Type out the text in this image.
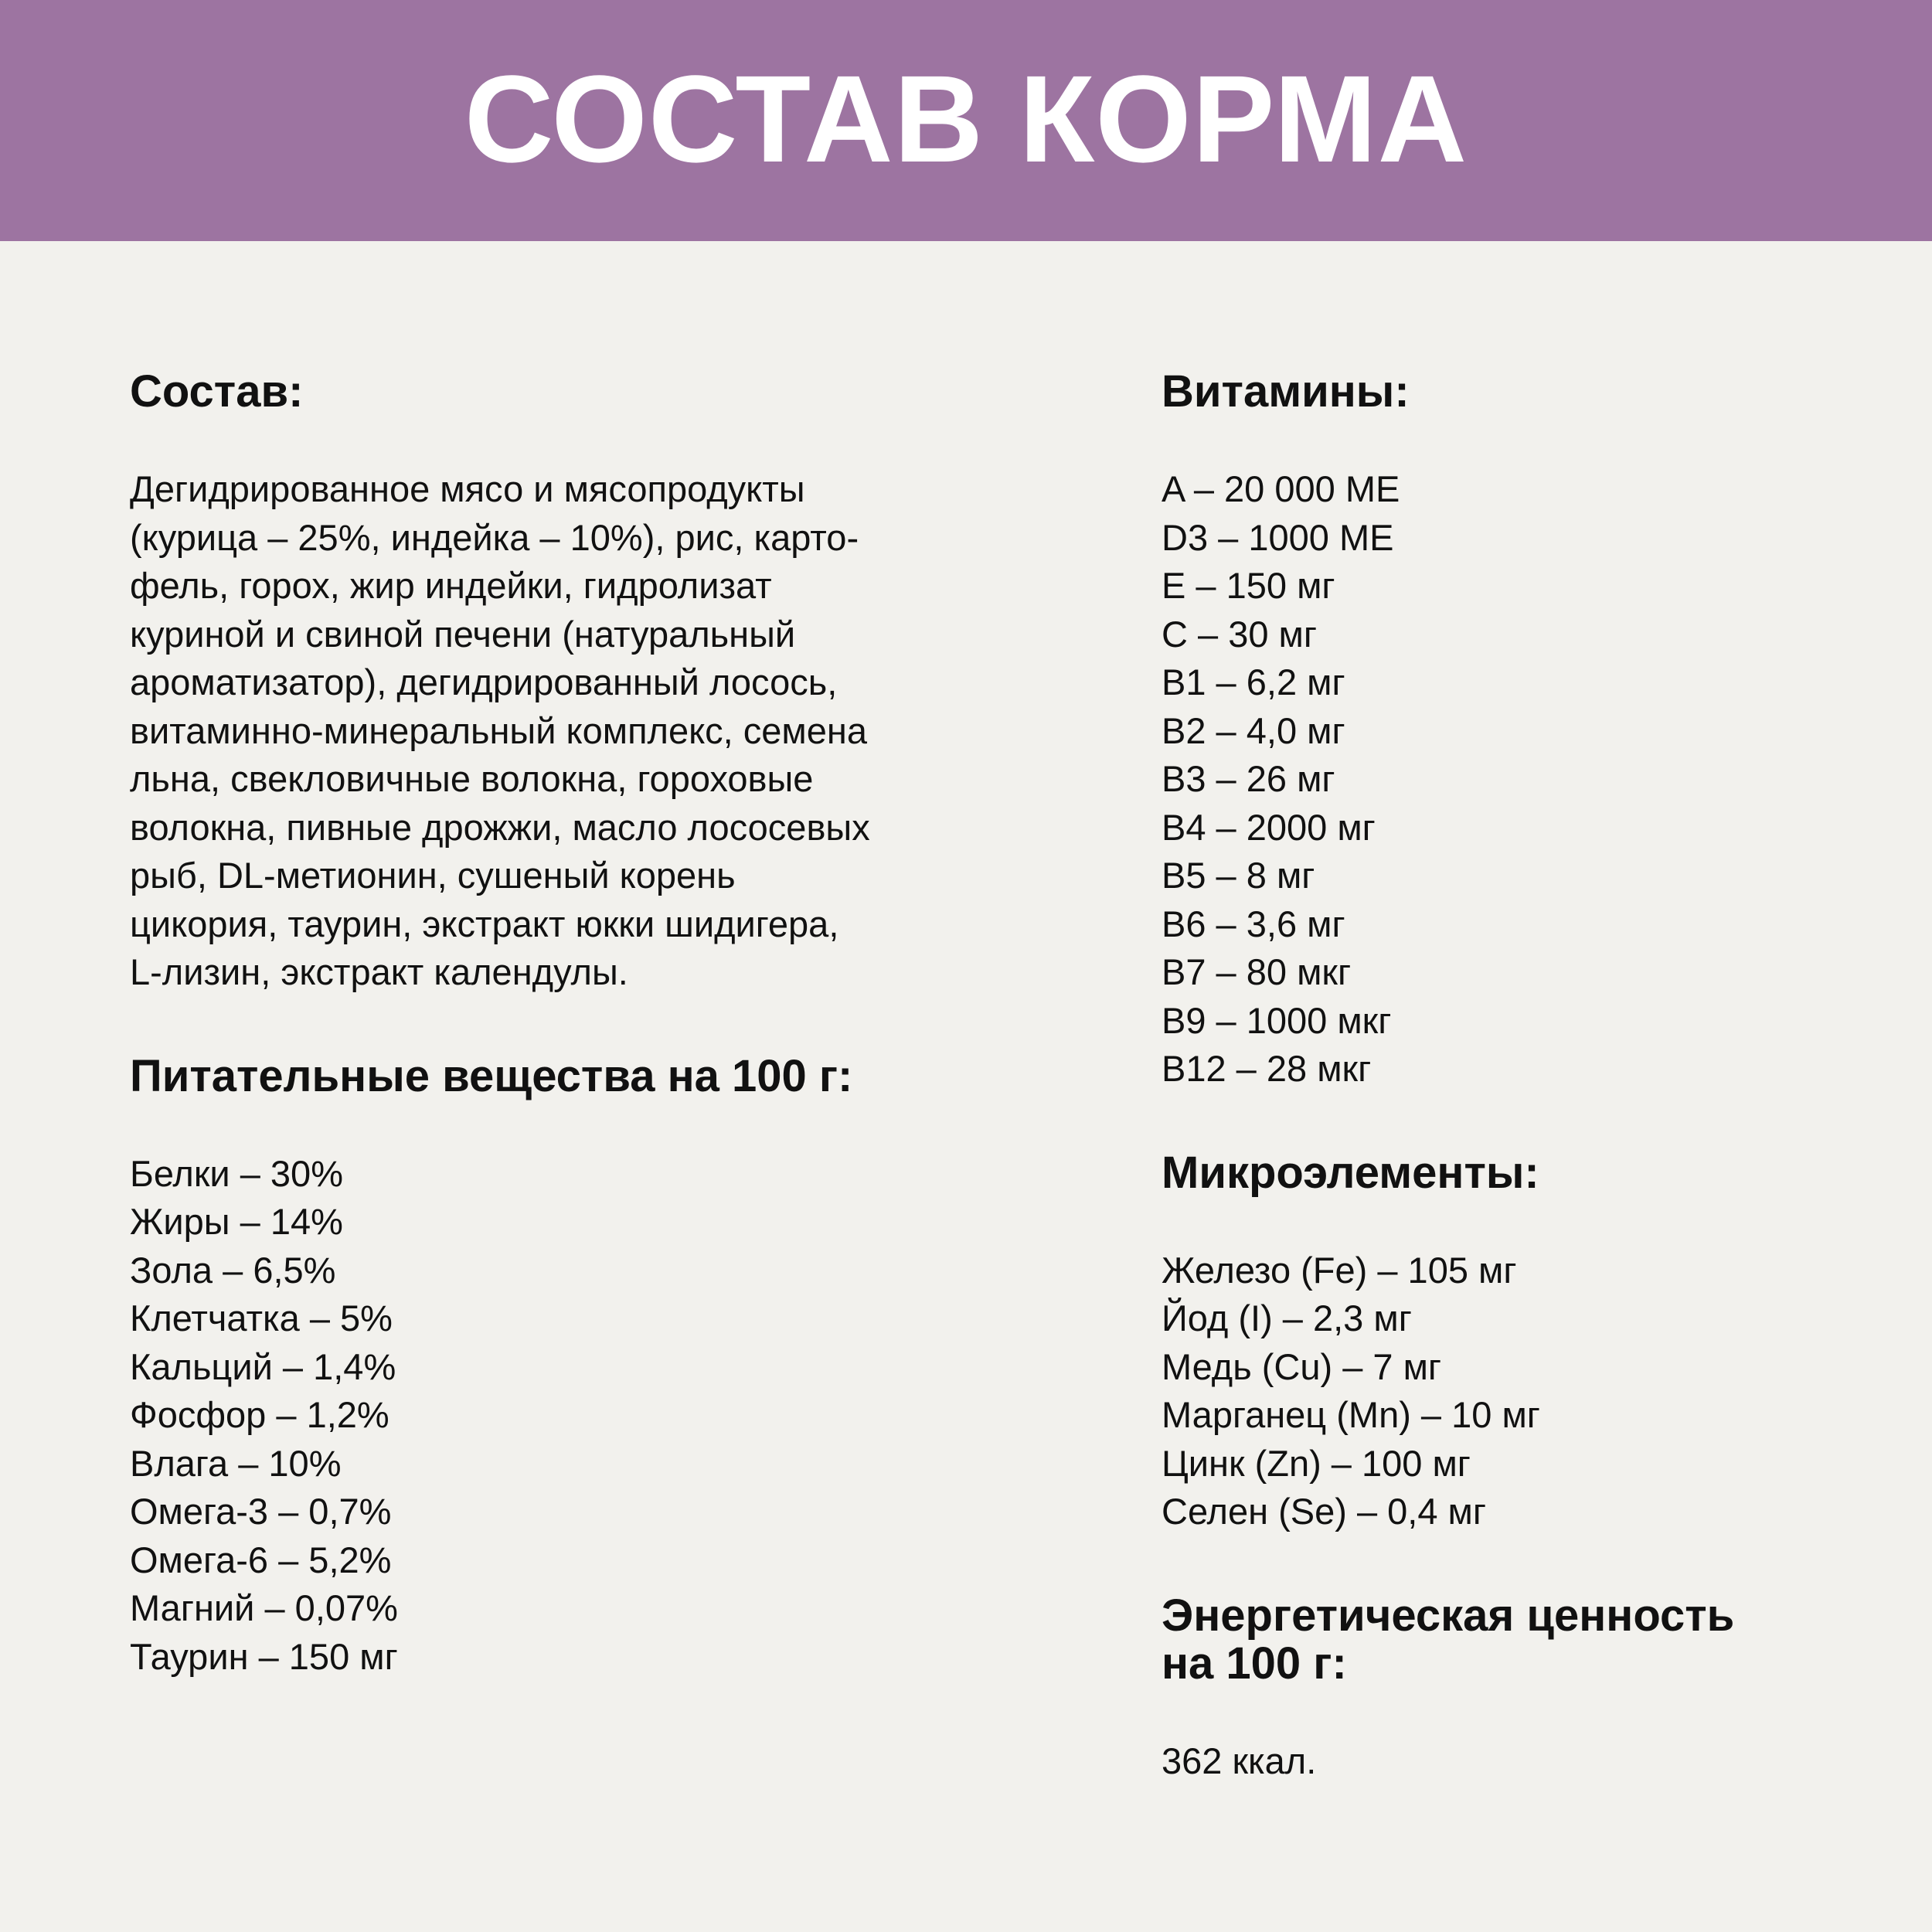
СОСТАВ КОРМА
Состав:

Дегидрированное мясо и мясопродукты
(курица – 25%, индейка – 10%), рис, карто-
фель, горох, жир индейки, гидролизат
куриной и свиной печени (натуральный
ароматизатор), дегидрированный лосось,
витаминно-минеральный комплекс, семена
льна, свекловичные волокна, гороховые
волокна, пивные дрожжи, масло лососевых
рыб, DL-метионин, сушеный корень
цикория, таурин, экстракт юкки шидигера,
L-лизин, экстракт календулы.

Питательные вещества на 100 г:
Белки – 30%
Жиры – 14%
Зола – 6,5%
Клетчатка – 5%
Кальций – 1,4%
Фосфор – 1,2%
Влага – 10%
Омега-3 – 0,7%
Омега-6 – 5,2%
Магний – 0,07%
Таурин – 150 мг
Витамины:
A – 20 000 МЕ
D3 – 1000 МЕ
E – 150 мг
C – 30 мг
B1 – 6,2 мг
B2 – 4,0 мг
B3 – 26 мг
B4 – 2000 мг
B5 – 8 мг
B6 – 3,6 мг
B7 – 80 мкг
B9 – 1000 мкг
B12 – 28 мкг
Микроэлементы:
Железо (Fe) – 105 мг
Йод (I) – 2,3 мг
Медь (Cu) – 7 мг
Марганец (Mn) – 10 мг
Цинк (Zn) – 100 мг
Селен (Se) – 0,4 мг
Энергетическая ценность
на 100 г:

362 ккал.
